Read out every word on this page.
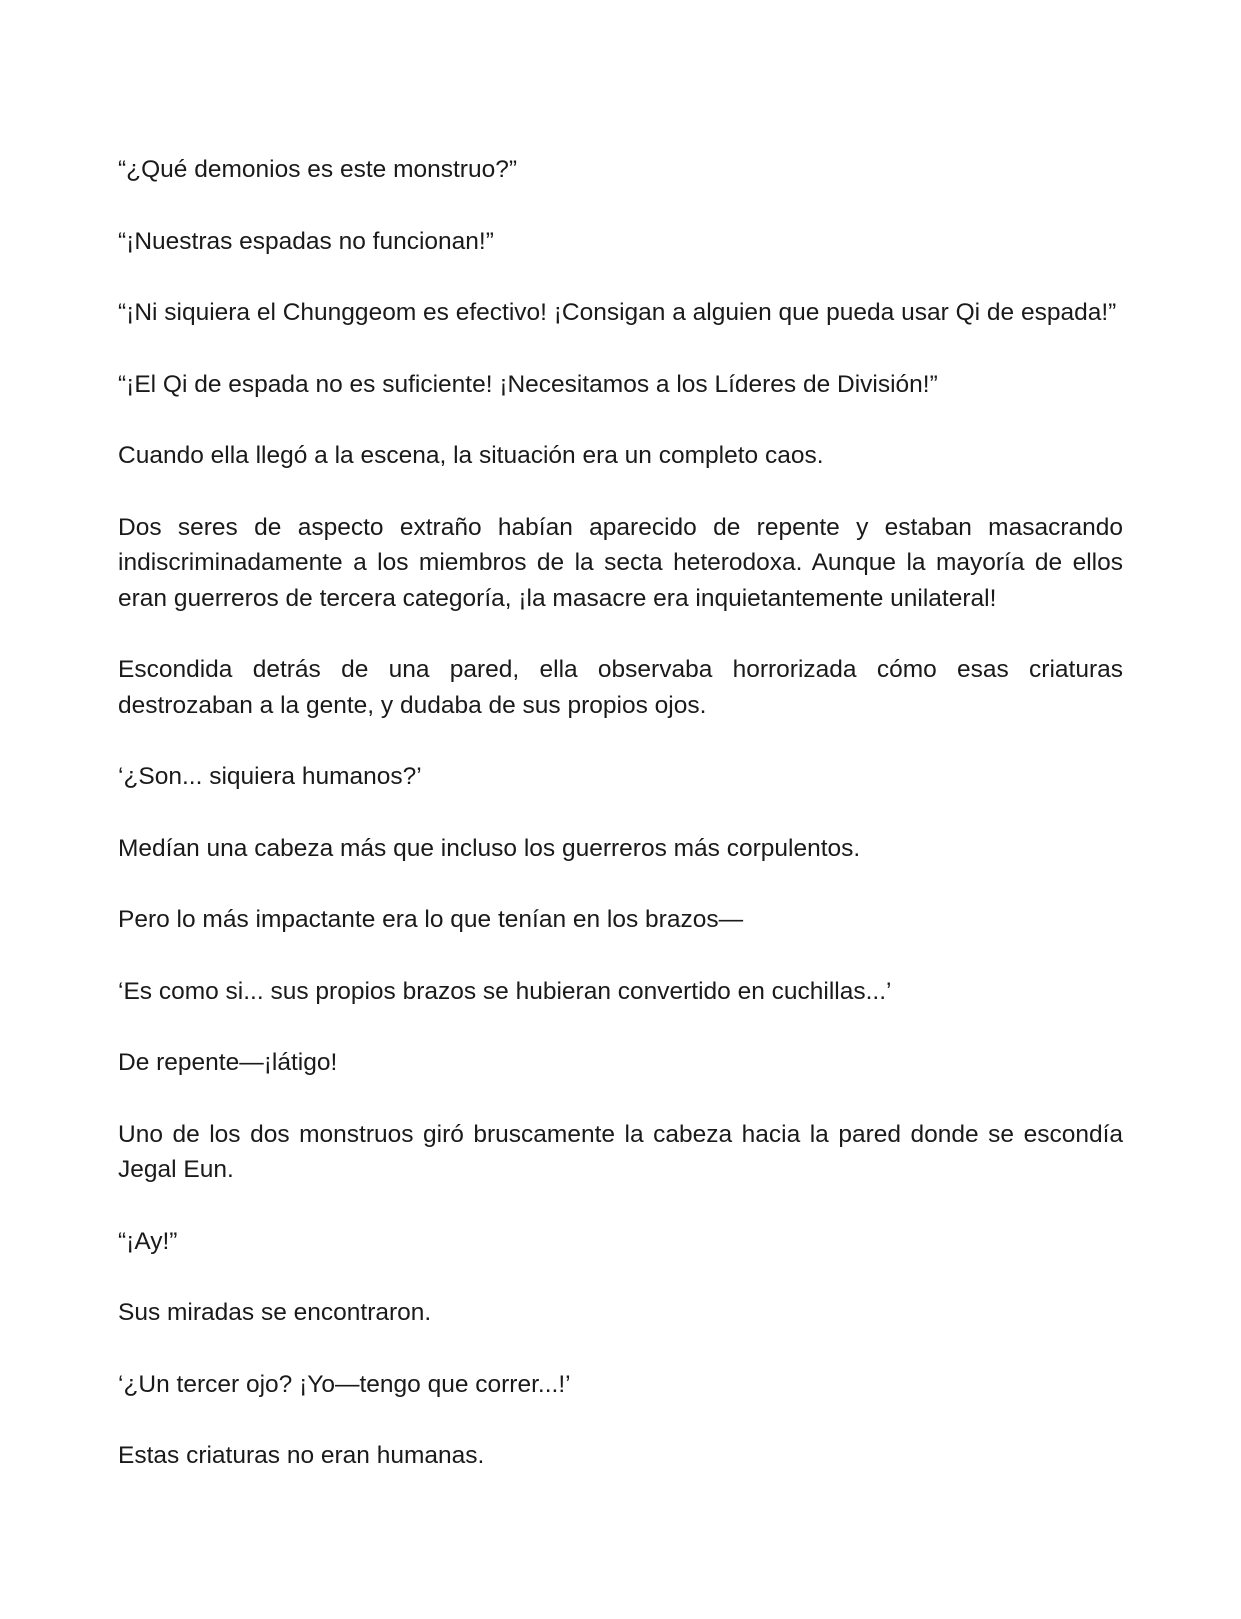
“¿Qué demonios es este monstruo?”

“¡Nuestras espadas no funcionan!”

“¡Ni siquiera el Chunggeom es efectivo! ¡Consigan a alguien que pueda usar Qi de espada!”

“¡El Qi de espada no es suficiente! ¡Necesitamos a los Líderes de División!”

Cuando ella llegó a la escena, la situación era un completo caos.

Dos seres de aspecto extraño habían aparecido de repente y estaban masacrando indiscriminadamente a los miembros de la secta heterodoxa. Aunque la mayoría de ellos eran guerreros de tercera categoría, ¡la masacre era inquietantemente unilateral!

Escondida detrás de una pared, ella observaba horrorizada cómo esas criaturas destrozaban a la gente, y dudaba de sus propios ojos.

‘¿Son... siquiera humanos?’

Medían una cabeza más que incluso los guerreros más corpulentos.

Pero lo más impactante era lo que tenían en los brazos—

‘Es como si... sus propios brazos se hubieran convertido en cuchillas...’

De repente—¡látigo!

Uno de los dos monstruos giró bruscamente la cabeza hacia la pared donde se escondía Jegal Eun.

“¡Ay!”

Sus miradas se encontraron.

‘¿Un tercer ojo? ¡Yo—tengo que correr...!’

Estas criaturas no eran humanas.
